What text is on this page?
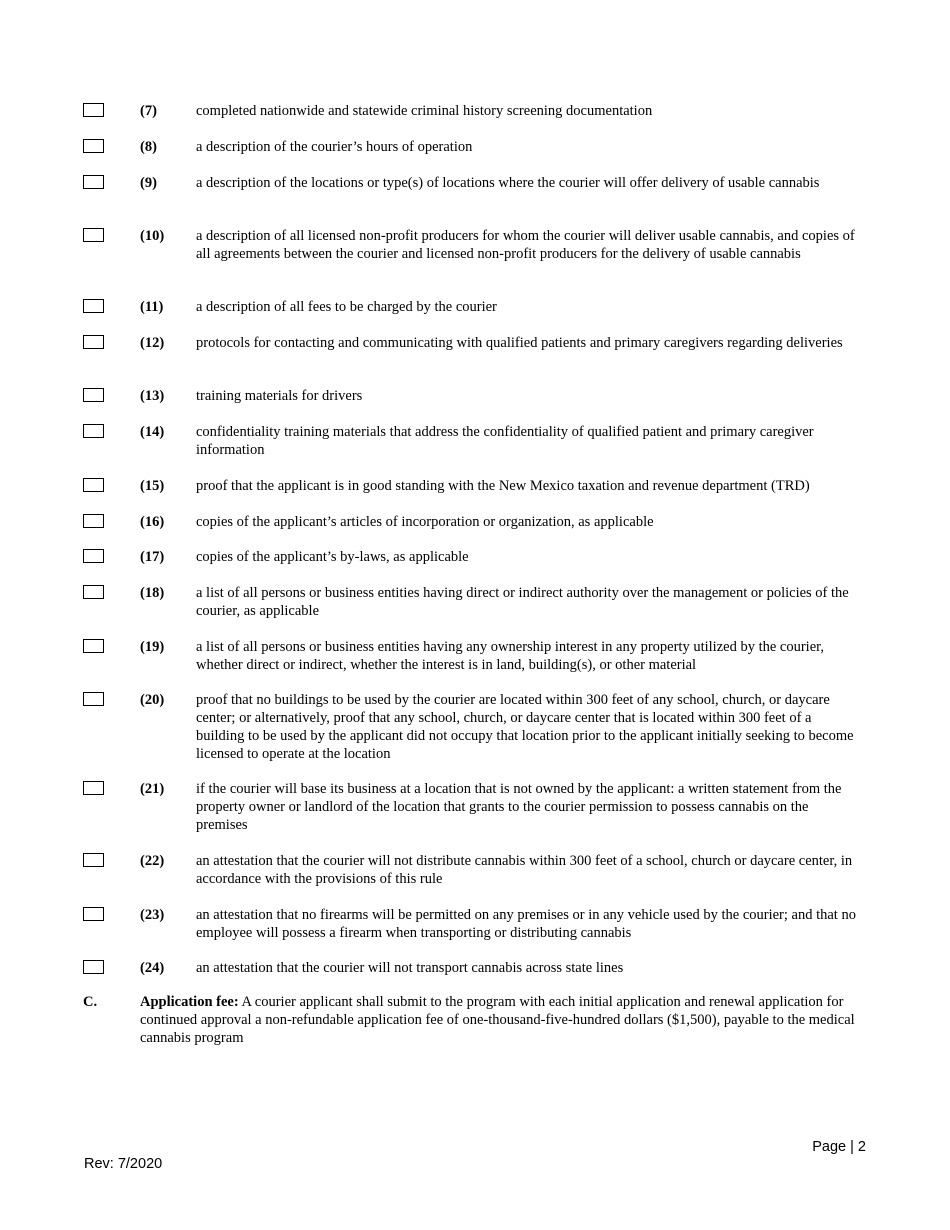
(7)	completed nationwide and statewide criminal history screening documentation
(8)	a description of the courier’s hours of operation
(9)	a description of the locations or type(s) of locations where the courier will offer delivery of usable cannabis
(10) a description of all licensed non-profit producers for whom the courier will deliver usable cannabis, and copies of all agreements between the courier and licensed non-profit producers for the delivery of usable cannabis
(11) a description of all fees to be charged by the courier
(12) protocols for contacting and communicating with qualified patients and primary caregivers regarding deliveries
(13) training materials for drivers
(14) confidentiality training materials that address the confidentiality of qualified patient and primary caregiver information
(15) proof that the applicant is in good standing with the New Mexico taxation and revenue department (TRD)
(16) copies of the applicant’s articles of incorporation or organization, as applicable
(17) copies of the applicant’s by-laws, as applicable
(18) a list of all persons or business entities having direct or indirect authority over the management or policies of the courier, as applicable
(19) a list of all persons or business entities having any ownership interest in any property utilized by the courier, whether direct or indirect, whether the interest is in land, building(s), or other material
(20) proof that no buildings to be used by the courier are located within 300 feet of any school, church, or daycare center; or alternatively, proof that any school, church, or daycare center that is located within 300 feet of a building to be used by the applicant did not occupy that location prior to the applicant initially seeking to become licensed to operate at the location
(21) if the courier will base its business at a location that is not owned by the applicant: a written statement from the property owner or landlord of the location that grants to the courier permission to possess cannabis on the premises
(22) an attestation that the courier will not distribute cannabis within 300 feet of a school, church or daycare center, in accordance with the provisions of this rule
(23) an attestation that no firearms will be permitted on any premises or in any vehicle used by the courier; and that no employee will possess a firearm when transporting or distributing cannabis
(24) an attestation that the courier will not transport cannabis across state lines
C.	Application fee: A courier applicant shall submit to the program with each initial application and renewal application for continued approval a non-refundable application fee of one-thousand-five-hundred dollars ($1,500), payable to the medical cannabis program
Page | 2
Rev: 7/2020
